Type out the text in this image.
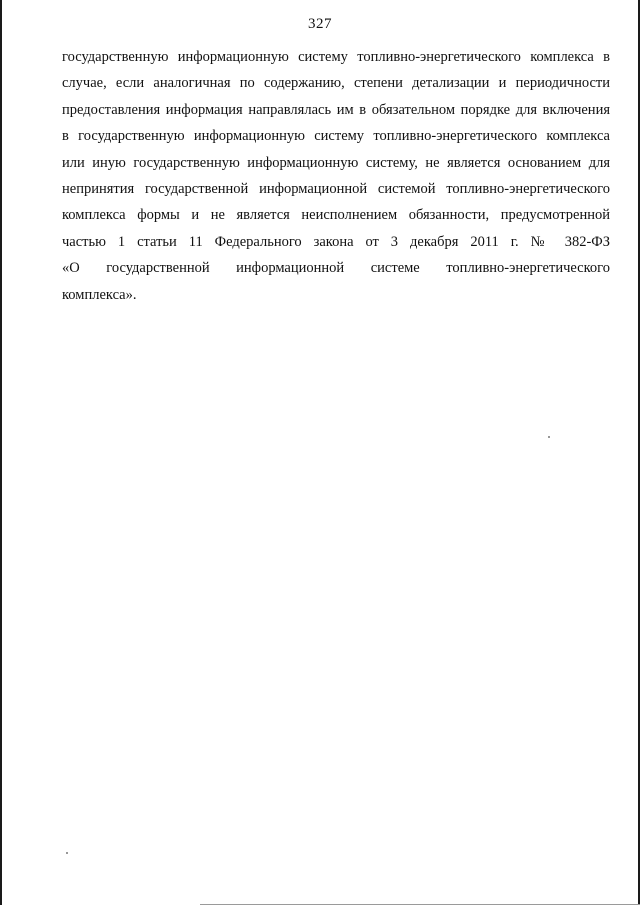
327
государственную информационную систему топливно-энергетического комплекса в
случае, если аналогичная по содержанию, степени детализации и периодичности
предоставления информация направлялась им в обязательном порядке для включения
в государственную информационную систему топливно-энергетического комплекса
или иную государственную информационную систему, не является основанием для
непринятия государственной информационной системой топливно-энергетического
комплекса формы и не является неисполнением обязанности, предусмотренной
частью 1 статьи 11 Федерального закона от 3 декабря 2011 г. № 382-ФЗ
«О государственной информационной системе топливно-энергетического
комплекса».
